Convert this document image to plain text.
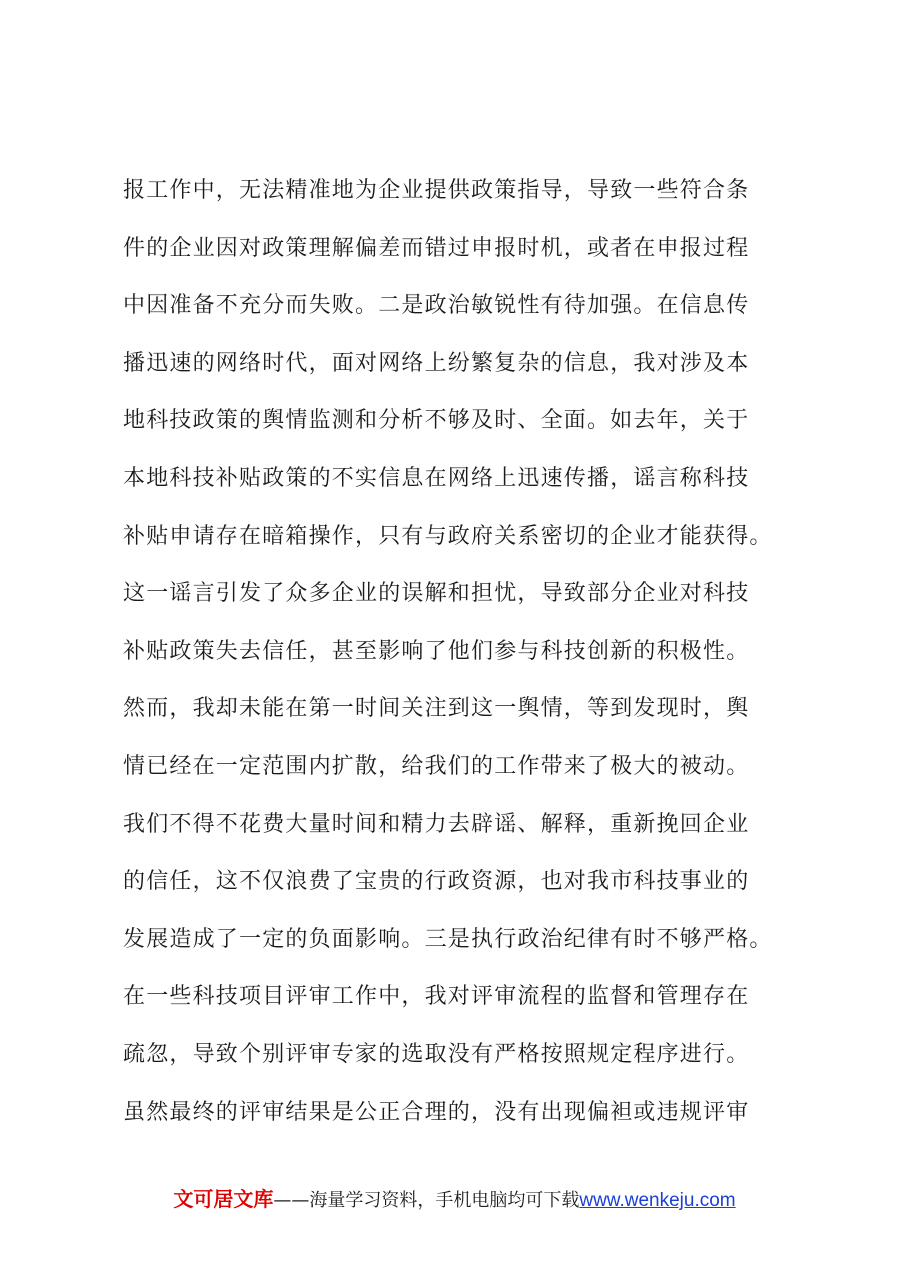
报工作中，无法精准地为企业提供政策指导，导致一些符合条
件的企业因对政策理解偏差而错过申报时机，或者在申报过程
中因准备不充分而失败。二是政治敏锐性有待加强。在信息传
播迅速的网络时代，面对网络上纷繁复杂的信息，我对涉及本
地科技政策的舆情监测和分析不够及时、全面。如去年，关于
本地科技补贴政策的不实信息在网络上迅速传播，谣言称科技
补贴申请存在暗箱操作，只有与政府关系密切的企业才能获得。
这一谣言引发了众多企业的误解和担忧，导致部分企业对科技
补贴政策失去信任，甚至影响了他们参与科技创新的积极性。
然而，我却未能在第一时间关注到这一舆情，等到发现时，舆
情已经在一定范围内扩散，给我们的工作带来了极大的被动。
我们不得不花费大量时间和精力去辟谣、解释，重新挽回企业
的信任，这不仅浪费了宝贵的行政资源，也对我市科技事业的
发展造成了一定的负面影响。三是执行政治纪律有时不够严格。
在一些科技项目评审工作中，我对评审流程的监督和管理存在
疏忽，导致个别评审专家的选取没有严格按照规定程序进行。
虽然最终的评审结果是公正合理的，没有出现偏袒或违规评审
文可居文库——海量学习资料，手机电脑均可下载www.wenkeju.com
